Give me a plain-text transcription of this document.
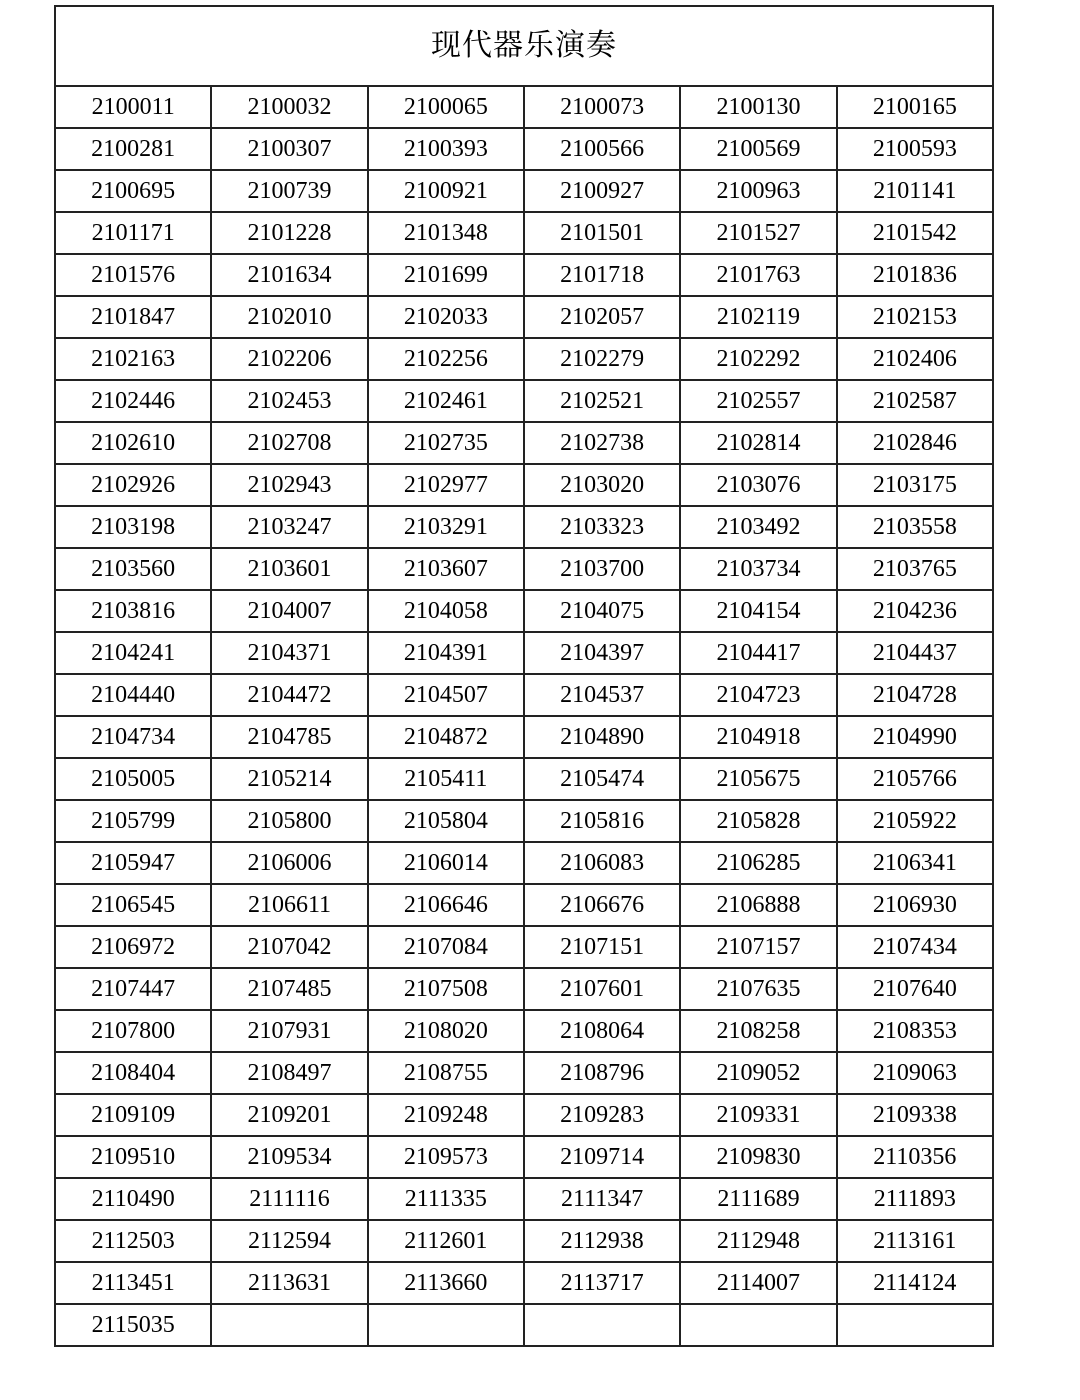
现代器乐演奏					
2100011	2100032	2100065	2100073	2100130	2100165
2100281	2100307	2100393	2100566	2100569	2100593
2100695	2100739	2100921	2100927	2100963	2101141
2101171	2101228	2101348	2101501	2101527	2101542
2101576	2101634	2101699	2101718	2101763	2101836
2101847	2102010	2102033	2102057	2102119	2102153
2102163	2102206	2102256	2102279	2102292	2102406
2102446	2102453	2102461	2102521	2102557	2102587
2102610	2102708	2102735	2102738	2102814	2102846
2102926	2102943	2102977	2103020	2103076	2103175
2103198	2103247	2103291	2103323	2103492	2103558
2103560	2103601	2103607	2103700	2103734	2103765
2103816	2104007	2104058	2104075	2104154	2104236
2104241	2104371	2104391	2104397	2104417	2104437
2104440	2104472	2104507	2104537	2104723	2104728
2104734	2104785	2104872	2104890	2104918	2104990
2105005	2105214	2105411	2105474	2105675	2105766
2105799	2105800	2105804	2105816	2105828	2105922
2105947	2106006	2106014	2106083	2106285	2106341
2106545	2106611	2106646	2106676	2106888	2106930
2106972	2107042	2107084	2107151	2107157	2107434
2107447	2107485	2107508	2107601	2107635	2107640
2107800	2107931	2108020	2108064	2108258	2108353
2108404	2108497	2108755	2108796	2109052	2109063
2109109	2109201	2109248	2109283	2109331	2109338
2109510	2109534	2109573	2109714	2109830	2110356
2110490	2111116	2111335	2111347	2111689	2111893
2112503	2112594	2112601	2112938	2112948	2113161
2113451	2113631	2113660	2113717	2114007	2114124
2115035					
